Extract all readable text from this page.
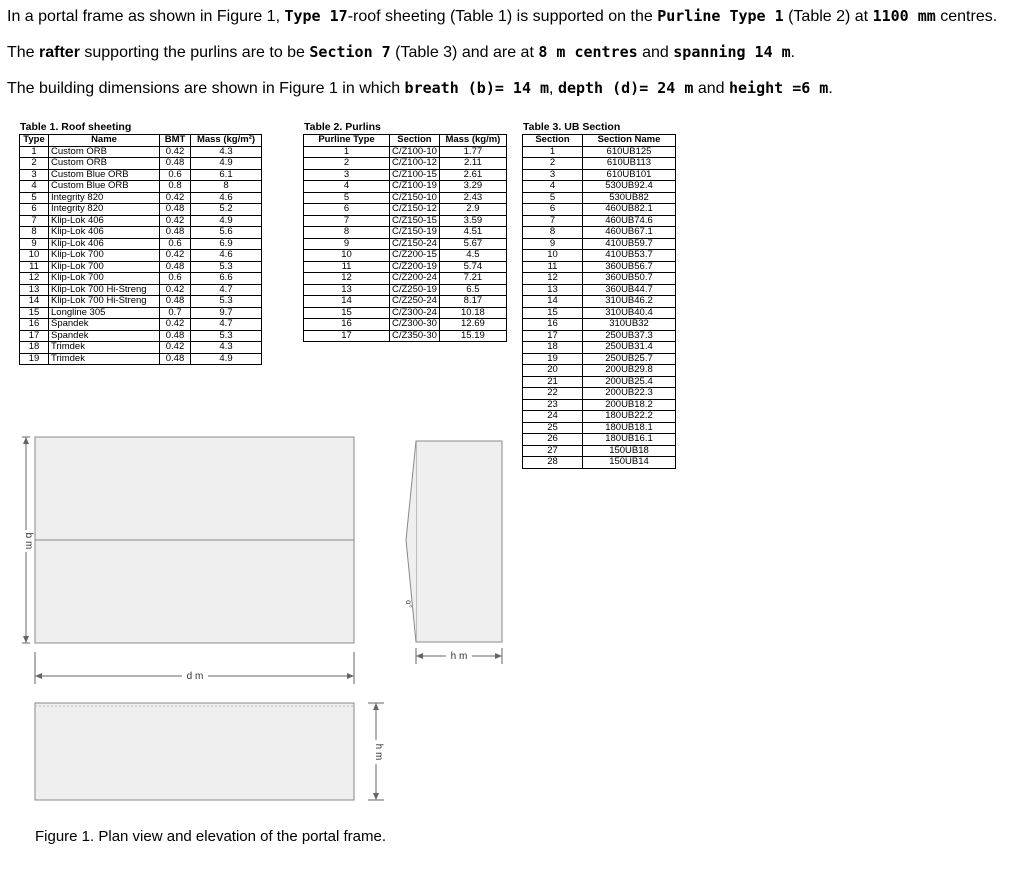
In a portal frame as shown in Figure 1, Type 17-roof sheeting (Table 1) is supported on the Purline Type 1 (Table 2) at 1100 mm centres.
The rafter supporting the purlins are to be Section 7 (Table 3) and are at 8 m centres and spanning 14 m.
The building dimensions are shown in Figure 1 in which breath (b)= 14 m, depth (d)= 24 m and height =6 m.
Table 1. Roof sheeting
Type	Name	BMT	Mass (kg/m²)
1	Custom ORB	0.42	4.3
2	Custom ORB	0.48	4.9
3	Custom Blue ORB	0.6	6.1
4	Custom Blue ORB	0.8	8
5	Integrity 820	0.42	4.6
6	Integrity 820	0.48	5.2
7	Klip-Lok 406	0.42	4.9
8	Klip-Lok 406	0.48	5.6
9	Klip-Lok 406	0.6	6.9
10	Klip-Lok 700	0.42	4.6
11	Klip-Lok 700	0.48	5.3
12	Klip-Lok 700	0.6	6.6
13	Klip-Lok 700 Hi-Streng	0.42	4.7
14	Klip-Lok 700 Hi-Streng	0.48	5.3
15	Longline 305	0.7	9.7
16	Spandek	0.42	4.7
17	Spandek	0.48	5.3
18	Trimdek	0.42	4.3
19	Trimdek	0.48	4.9
Table 2. Purlins
Purline Type	Section	Mass (kg/m)
1	C/Z100-10	1.77
2	C/Z100-12	2.11
3	C/Z100-15	2.61
4	C/Z100-19	3.29
5	C/Z150-10	2.43
6	C/Z150-12	2.9
7	C/Z150-15	3.59
8	C/Z150-19	4.51
9	C/Z150-24	5.67
10	C/Z200-15	4.5
11	C/Z200-19	5.74
12	C/Z200-24	7.21
13	C/Z250-19	6.5
14	C/Z250-24	8.17
15	C/Z300-24	10.18
16	C/Z300-30	12.69
17	C/Z350-30	15.19
Table 3. UB Section
Section	Section Name
1	610UB125
2	610UB113
3	610UB101
4	530UB92.4
5	530UB82
6	460UB82.1
7	460UB74.6
8	460UB67.1
9	410UB59.7
10	410UB53.7
11	360UB56.7
12	360UB50.7
13	360UB44.7
14	310UB46.2
15	310UB40.4
16	310UB32
17	250UB37.3
18	250UB31.4
19	250UB25.7
20	200UB29.8
21	200UB25.4
22	200UB22.3
23	200UB18.2
24	180UB22.2
25	180UB18.1
26	180UB16.1
27	150UB18
28	150UB14
b m
d m
α°
h m
h m
Figure 1. Plan view and elevation of the portal frame.
